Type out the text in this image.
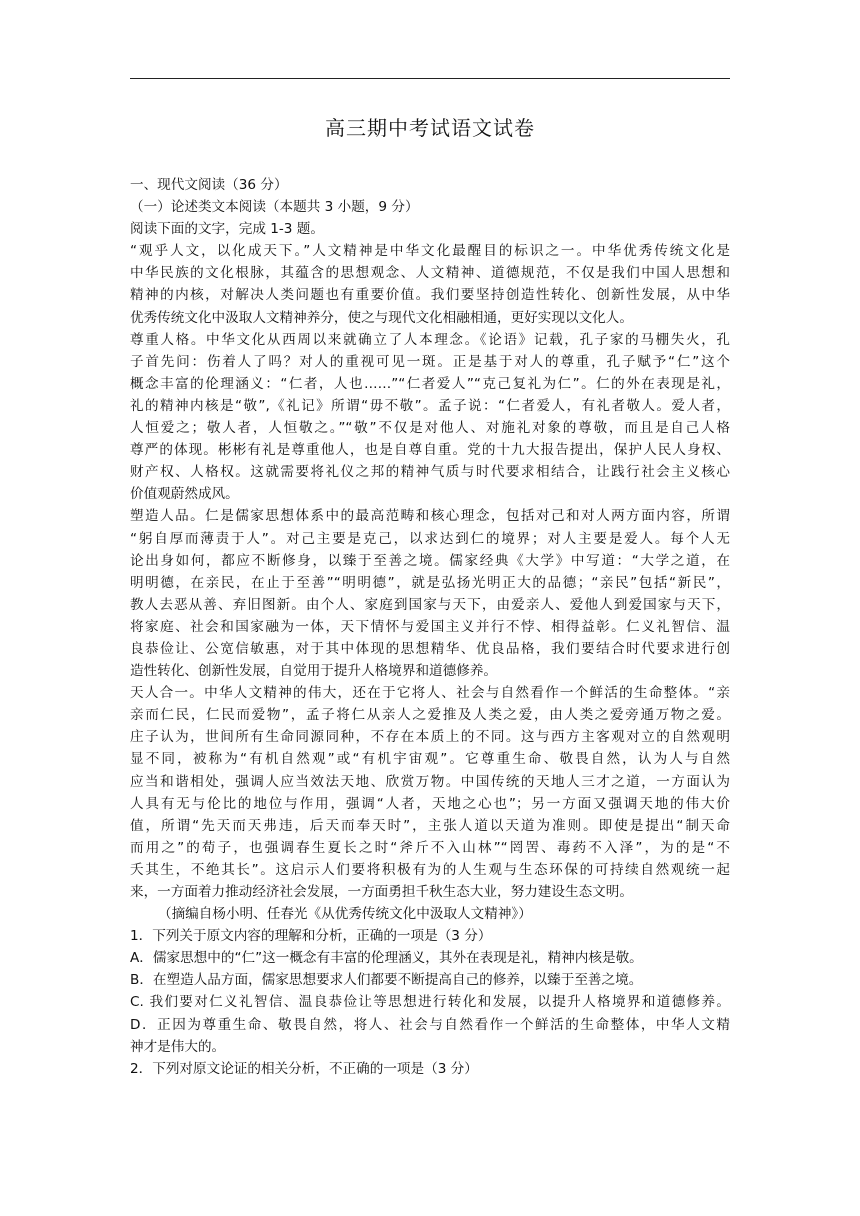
高三期中考试语文试卷
一、现代文阅读（36 分）
（一）论述类文本阅读（本题共 3 小题，9 分）
阅读下面的文字，完成 1-3 题。
“观乎人文，以化成天下。”人文精神是中华文化最醒目的标识之一。中华优秀传统文化是
中华民族的文化根脉，其蕴含的思想观念、人文精神、道德规范，不仅是我们中国人思想和
精神的内核，对解决人类问题也有重要价值。我们要坚持创造性转化、创新性发展，从中华
优秀传统文化中汲取人文精神养分，使之与现代文化相融相通，更好实现以文化人。
尊重人格。中华文化从西周以来就确立了人本理念。《论语》记载，孔子家的马棚失火，孔
子首先问：伤着人了吗？对人的重视可见一斑。正是基于对人的尊重，孔子赋予“仁”这个
概念丰富的伦理涵义：“仁者，人也……”“仁者爱人”“克己复礼为仁”。仁的外在表现是礼，
礼的精神内核是“敬”,《礼记》所谓“毋不敬”。孟子说：“仁者爱人，有礼者敬人。爱人者，
人恒爱之；敬人者，人恒敬之。”“敬”不仅是对他人、对施礼对象的尊敬，而且是自己人格
尊严的体现。彬彬有礼是尊重他人，也是自尊自重。党的十九大报告提出，保护人民人身权、
财产权、人格权。这就需要将礼仪之邦的精神气质与时代要求相结合，让践行社会主义核心
价值观蔚然成风。
塑造人品。仁是儒家思想体系中的最高范畴和核心理念，包括对己和对人两方面内容，所谓
“躬自厚而薄责于人”。对己主要是克己，以求达到仁的境界；对人主要是爱人。每个人无
论出身如何，都应不断修身，以臻于至善之境。儒家经典《大学》中写道：“大学之道，在
明明德，在亲民，在止于至善”“明明德”，就是弘扬光明正大的品德；“亲民”包括“新民”，
教人去恶从善、弃旧图新。由个人、家庭到国家与天下，由爱亲人、爱他人到爱国家与天下，
将家庭、社会和国家融为一体，天下情怀与爱国主义并行不悖、相得益彰。仁义礼智信、温
良恭俭让、公宽信敏惠，对于其中体现的思想精华、优良品格，我们要结合时代要求进行创
造性转化、创新性发展，自觉用于提升人格境界和道德修养。
天人合一。中华人文精神的伟大，还在于它将人、社会与自然看作一个鲜活的生命整体。“亲
亲而仁民，仁民而爱物”，孟子将仁从亲人之爱推及人类之爱，由人类之爱旁通万物之爱。
庄子认为，世间所有生命同源同种，不存在本质上的不同。这与西方主客观对立的自然观明
显不同，被称为“有机自然观”或“有机宇宙观”。它尊重生命、敬畏自然，认为人与自然
应当和谐相处，强调人应当效法天地、欣赏万物。中国传统的天地人三才之道，一方面认为
人具有无与伦比的地位与作用，强调“人者，天地之心也”；另一方面又强调天地的伟大价
值，所谓“先天而天弗违，后天而奉天时”，主张人道以天道为准则。即使是提出“制天命
而用之”的荀子，也强调春生夏长之时“斧斤不入山林”“罔罟、毒药不入泽”，为的是“不
夭其生，不绝其长”。这启示人们要将积极有为的人生观与生态环保的可持续自然观统一起
来，一方面着力推动经济社会发展，一方面勇担千秋生态大业，努力建设生态文明。
（摘编自杨小明、任春光《从优秀传统文化中汲取人文精神》）
1．下列关于原文内容的理解和分析，正确的一项是（3 分）
A．儒家思想中的“仁”这一概念有丰富的伦理涵义，其外在表现是礼，精神内核是敬。
B．在塑造人品方面，儒家思想要求人们都要不断提高自己的修养，以臻于至善之境。
C. 我们要对仁义礼智信、温良恭俭让等思想进行转化和发展，以提升人格境界和道德修养。
D．正因为尊重生命、敬畏自然，将人、社会与自然看作一个鲜活的生命整体，中华人文精
神才是伟大的。
2．下列对原文论证的相关分析，不正确的一项是（3 分）
